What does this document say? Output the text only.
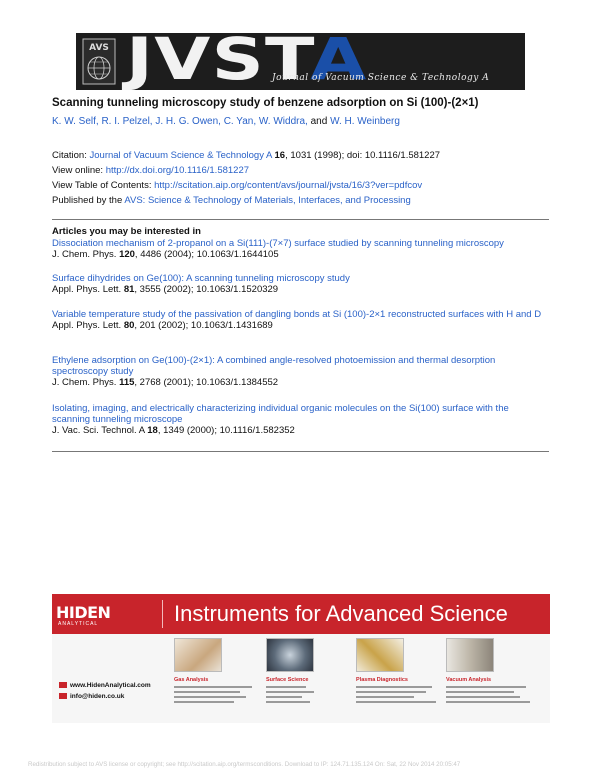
AVS JVSTA
Journal of Vacuum Science & Technology A
Scanning tunneling microscopy study of benzene adsorption on Si (100)-(2×1)
K. W. Self, R. I. Pelzel, J. H. G. Owen, C. Yan, W. Widdra, and W. H. Weinberg
Citation: Journal of Vacuum Science & Technology A 16, 1031 (1998); doi: 10.1116/1.581227
View online: http://dx.doi.org/10.1116/1.581227
View Table of Contents: http://scitation.aip.org/content/avs/journal/jvsta/16/3?ver=pdfcov
Published by the AVS: Science & Technology of Materials, Interfaces, and Processing
Articles you may be interested in
Dissociation mechanism of 2-propanol on a Si(111)-(7×7) surface studied by scanning tunneling microscopy
J. Chem. Phys. 120, 4486 (2004); 10.1063/1.1644105
Surface dihydrides on Ge(100): A scanning tunneling microscopy study
Appl. Phys. Lett. 81, 3555 (2002); 10.1063/1.1520329
Variable temperature study of the passivation of dangling bonds at Si (100)-2×1 reconstructed surfaces with H and D
Appl. Phys. Lett. 80, 201 (2002); 10.1063/1.1431689
Ethylene adsorption on Ge(100)-(2×1): A combined angle-resolved photoemission and thermal desorption spectroscopy study
J. Chem. Phys. 115, 2768 (2001); 10.1063/1.1384552
Isolating, imaging, and electrically characterizing individual organic molecules on the Si(100) surface with the scanning tunneling microscope
J. Vac. Sci. Technol. A 18, 1349 (2000); 10.1116/1.582352
HIDEN
ANALYTICAL	Instruments for Advanced Science
www.HidenAnalytical.com
info@hiden.co.uk
Gas Analysis	Surface Science	Plasma Diagnostics	Vacuum Analysis
Redistribution subject to AVS license or copyright; see http://scitation.aip.org/termsconditions. Download to IP: 124.71.135.124 On: Sat, 22 Nov 2014 20:05:47
